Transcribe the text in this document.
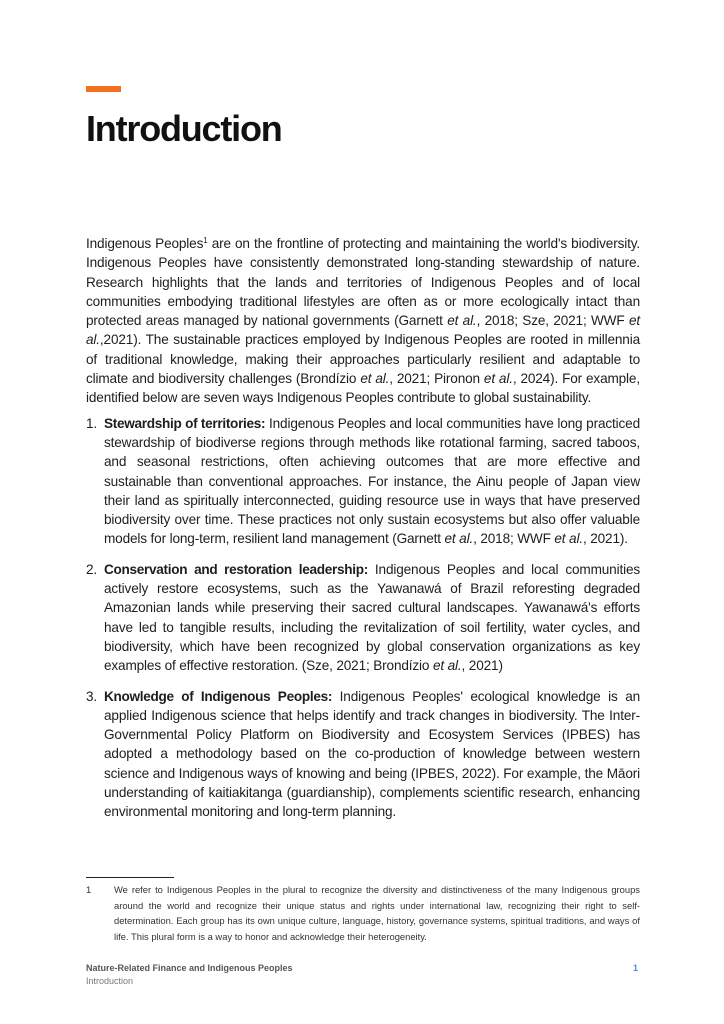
Introduction

Indigenous Peoples$^1$ are on the frontline of protecting and maintaining the world's biodiversity. Indigenous Peoples have consistently demonstrated long-standing stewardship of nature. Research highlights that the lands and territories of Indigenous Peoples and of local communities embodying traditional lifestyles are often as or more ecologically intact than protected areas managed by national governments (Garnett et al., 2018; Sze, 2021; WWF et al.,2021). The sustainable practices employed by Indigenous Peoples are rooted in millennia of traditional knowledge, making their approaches particularly resilient and adaptable to climate and biodiversity challenges (Brondízio et al., 2021; Pironon et al., 2024). For example, identified below are seven ways Indigenous Peoples contribute to global sustainability.

1. Stewardship of territories: Indigenous Peoples and local communities have long practiced stewardship of biodiverse regions through methods like rotational farming, sacred taboos, and seasonal restrictions, often achieving outcomes that are more effective and sustainable than conventional approaches. For instance, the Ainu people of Japan view their land as spiritually interconnected, guiding resource use in ways that have preserved biodiversity over time. These practices not only sustain ecosystems but also offer valuable models for long-term, resilient land management (Garnett et al., 2018; WWF et al., 2021).
2. Conservation and restoration leadership: Indigenous Peoples and local communities actively restore ecosystems, such as the Yawanawá of Brazil reforesting degraded Amazonian lands while preserving their sacred cultural landscapes. Yawanawá's efforts have led to tangible results, including the revitalization of soil fertility, water cycles, and biodiversity, which have been recognized by global conservation organizations as key examples of effective restoration. (Sze, 2021; Brondízio et al., 2021)
3. Knowledge of Indigenous Peoples: Indigenous Peoples' ecological knowledge is an applied Indigenous science that helps identify and track changes in biodiversity. The Inter-Governmental Policy Platform on Biodiversity and Ecosystem Services (IPBES) has adopted a methodology based on the co-production of knowledge between western science and Indigenous ways of knowing and being (IPBES, 2022). For example, the Māori understanding of kaitiakitanga (guardianship), complements scientific research, enhancing environmental monitoring and long-term planning.
1 We refer to Indigenous Peoples in the plural to recognize the diversity and distinctiveness of the many Indigenous groups around the world and recognize their unique status and rights under international law, recognizing their right to self-determination. Each group has its own unique culture, language, history, governance systems, spiritual traditions, and ways of life. This plural form is a way to honor and acknowledge their heterogeneity.
Nature-Related Finance and Indigenous Peoples
Introduction
1
